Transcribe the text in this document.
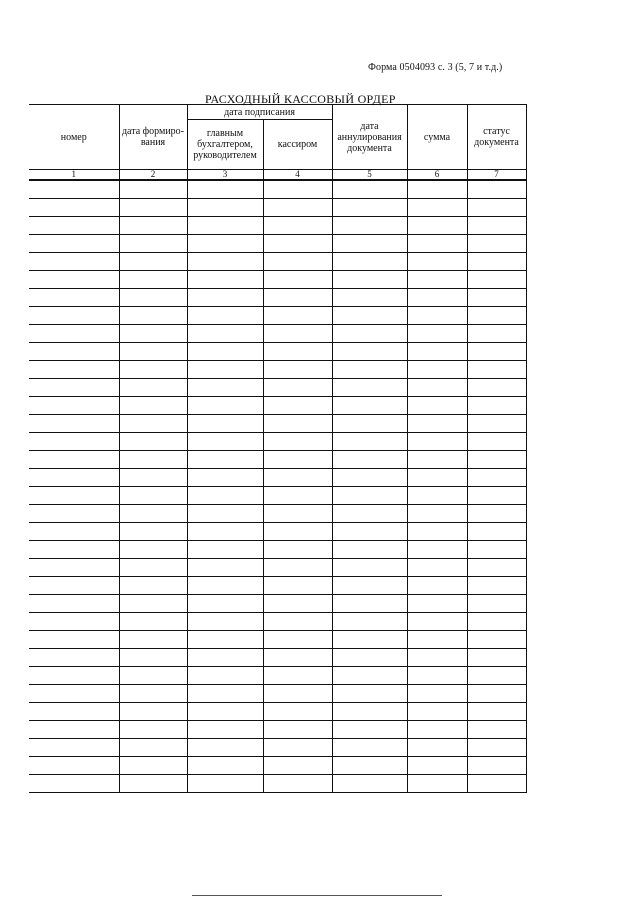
Форма 0504093 с. 3 (5, 7 и т.д.)
РАСХОДНЫЙ КАССОВЫЙ ОРДЕР
номер	дата формиро-вания	дата подписания		дата аннулирования документа	сумма	статус документа
		главным бухгалтером, руководителем	кассиром			
1	2	3	4	5	6	7
